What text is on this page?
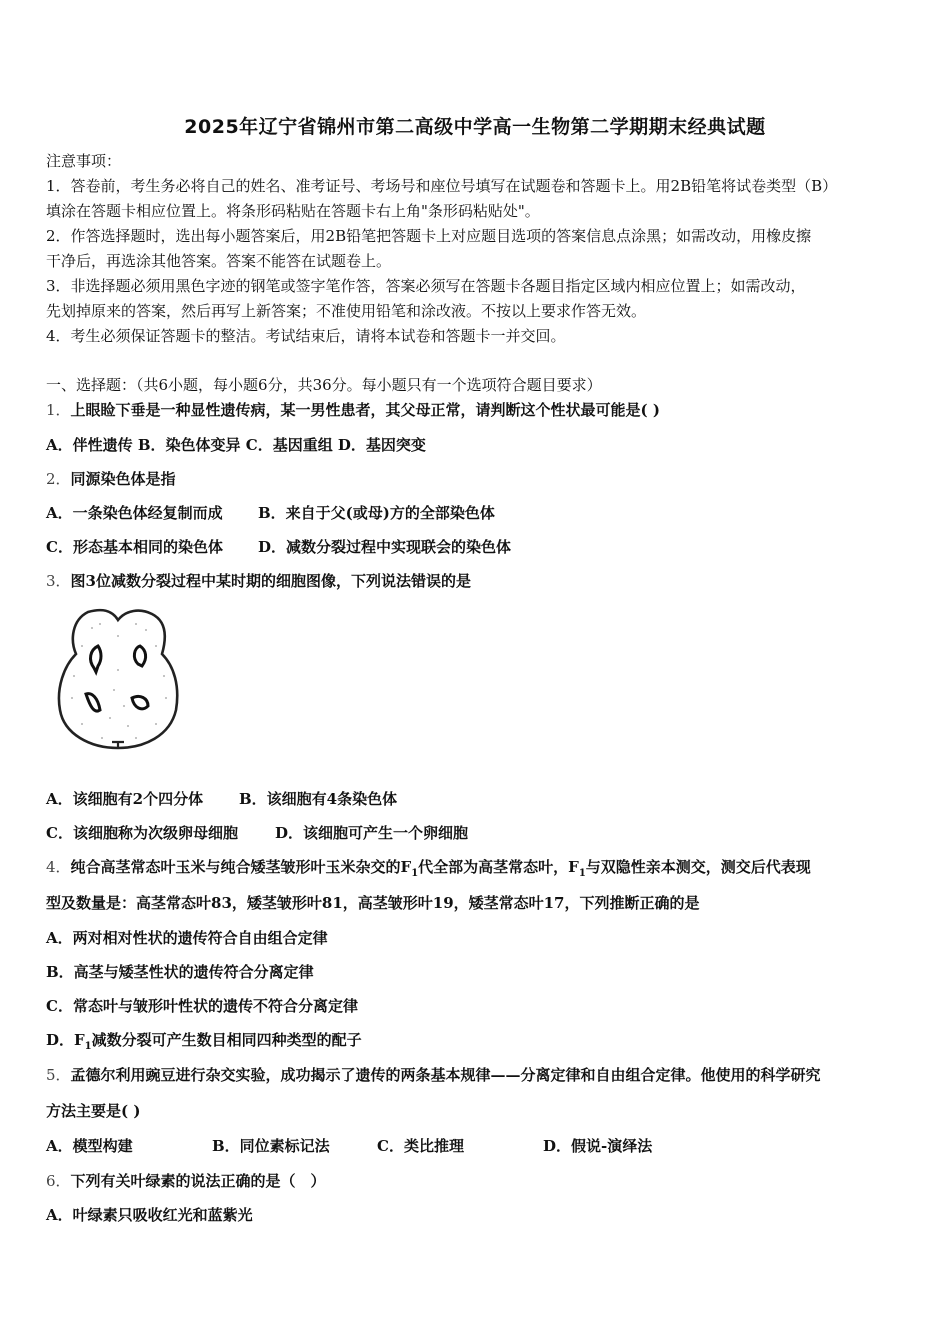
2025年辽宁省锦州市第二高级中学高一生物第二学期期末经典试题
注意事项：
1．答卷前，考生务必将自己的姓名、准考证号、考场号和座位号填写在试题卷和答题卡上。用2B铅笔将试卷类型（B）
填涂在答题卡相应位置上。将条形码粘贴在答题卡右上角"条形码粘贴处"。
2．作答选择题时，选出每小题答案后，用2B铅笔把答题卡上对应题目选项的答案信息点涂黑；如需改动，用橡皮擦
干净后，再选涂其他答案。答案不能答在试题卷上。
3．非选择题必须用黑色字迹的钢笔或签字笔作答，答案必须写在答题卡各题目指定区域内相应位置上；如需改动，
先划掉原来的答案，然后再写上新答案；不准使用铅笔和涂改液。不按以上要求作答无效。
4．考生必须保证答题卡的整洁。考试结束后，请将本试卷和答题卡一并交回。
一、选择题：（共6小题，每小题6分，共36分。每小题只有一个选项符合题目要求）
1．上眼睑下垂是一种显性遗传病，某一男性患者，其父母正常，请判断这个性状最可能是( )
A．伴性遗传 B．染色体变异 C．基因重组 D．基因突变
2．同源染色体是指
A．一条染色体经复制而成 B．来自于父(或母)方的全部染色体
C．形态基本相同的染色体 D．减数分裂过程中实现联会的染色体
3．图3位减数分裂过程中某时期的细胞图像，下列说法错误的是
A．该细胞有2个四分体 B．该细胞有4条染色体
C．该细胞称为次级卵母细胞 D．该细胞可产生一个卵细胞
4．纯合高茎常态叶玉米与纯合矮茎皱形叶玉米杂交的$F_1$代全部为高茎常态叶，$F_1$与双隐性亲本测交，测交后代表现
型及数量是：高茎常态叶83，矮茎皱形叶81，高茎皱形叶19，矮茎常态叶17，下列推断正确的是
A．两对相对性状的遗传符合自由组合定律
B．高茎与矮茎性状的遗传符合分离定律
C．常态叶与皱形叶性状的遗传不符合分离定律
D．$F_1$减数分裂可产生数目相同四种类型的配子
5．孟德尔利用豌豆进行杂交实验，成功揭示了遗传的两条基本规律——分离定律和自由组合定律。他使用的科学研究
方法主要是( )
A．模型构建	B．同位素标记法	C．类比推理	D．假说-演绎法
6．下列有关叶绿素的说法正确的是（　）
A．叶绿素只吸收红光和蓝紫光
